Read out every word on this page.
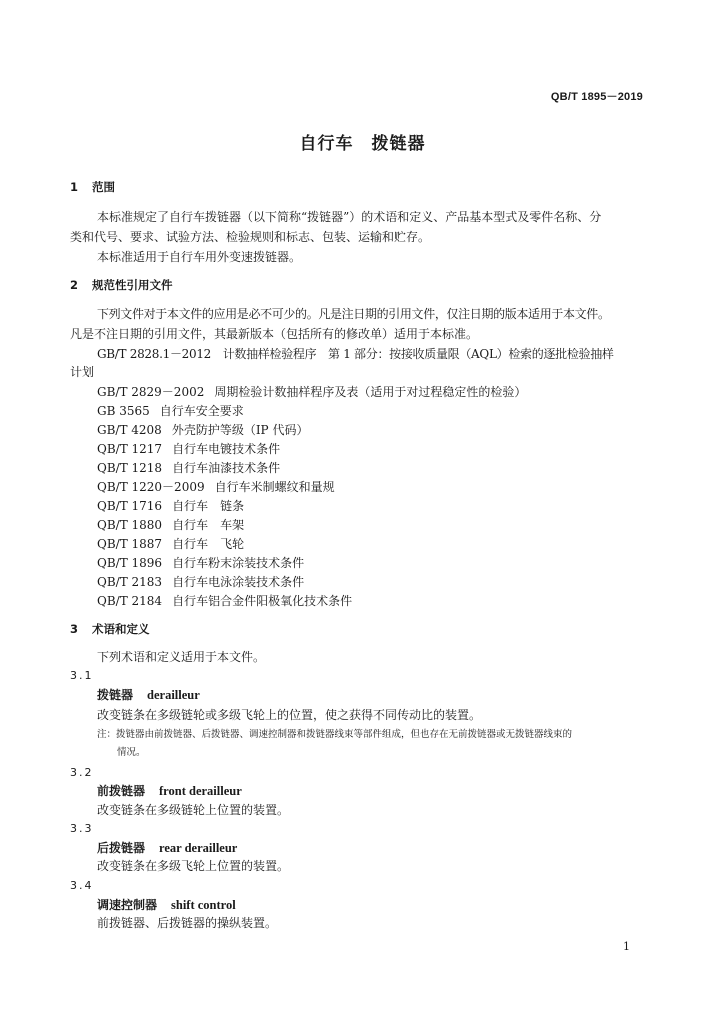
QB/T 1895－2019
自行车　拨链器
1 范围
本标准规定了自行车拨链器（以下简称“拨链器”）的术语和定义、产品基本型式及零件名称、分
类和代号、要求、试验方法、检验规则和标志、包装、运输和贮存。
本标准适用于自行车用外变速拨链器。
2 规范性引用文件
下列文件对于本文件的应用是必不可少的。凡是注日期的引用文件，仅注日期的版本适用于本文件。
凡是不注日期的引用文件，其最新版本（包括所有的修改单）适用于本标准。
GB/T 2828.1－2012　计数抽样检验程序　第 1 部分：按接收质量限（AQL）检索的逐批检验抽样
计划
GB/T 2829－2002 周期检验计数抽样程序及表（适用于对过程稳定性的检验）
GB 3565 自行车安全要求
GB/T 4208 外壳防护等级（IP 代码）
QB/T 1217 自行车电镀技术条件
QB/T 1218 自行车油漆技术条件
QB/T 1220－2009 自行车米制螺纹和量规
QB/T 1716 自行车　链条
QB/T 1880 自行车　车架
QB/T 1887 自行车　飞轮
QB/T 1896 自行车粉末涂装技术条件
QB/T 2183 自行车电泳涂装技术条件
QB/T 2184 自行车铝合金件阳极氧化技术条件
3 术语和定义
下列术语和定义适用于本文件。
3.1
拨链器 derailleur
改变链条在多级链轮或多级飞轮上的位置，使之获得不同传动比的装置。
注：拨链器由前拨链器、后拨链器、调速控制器和拨链器线束等部件组成，但也存在无前拨链器或无拨链器线束的
情况。
3.2
前拨链器 front derailleur
改变链条在多级链轮上位置的装置。
3.3
后拨链器 rear derailleur
改变链条在多级飞轮上位置的装置。
3.4
调速控制器 shift control
前拨链器、后拨链器的操纵装置。
1
